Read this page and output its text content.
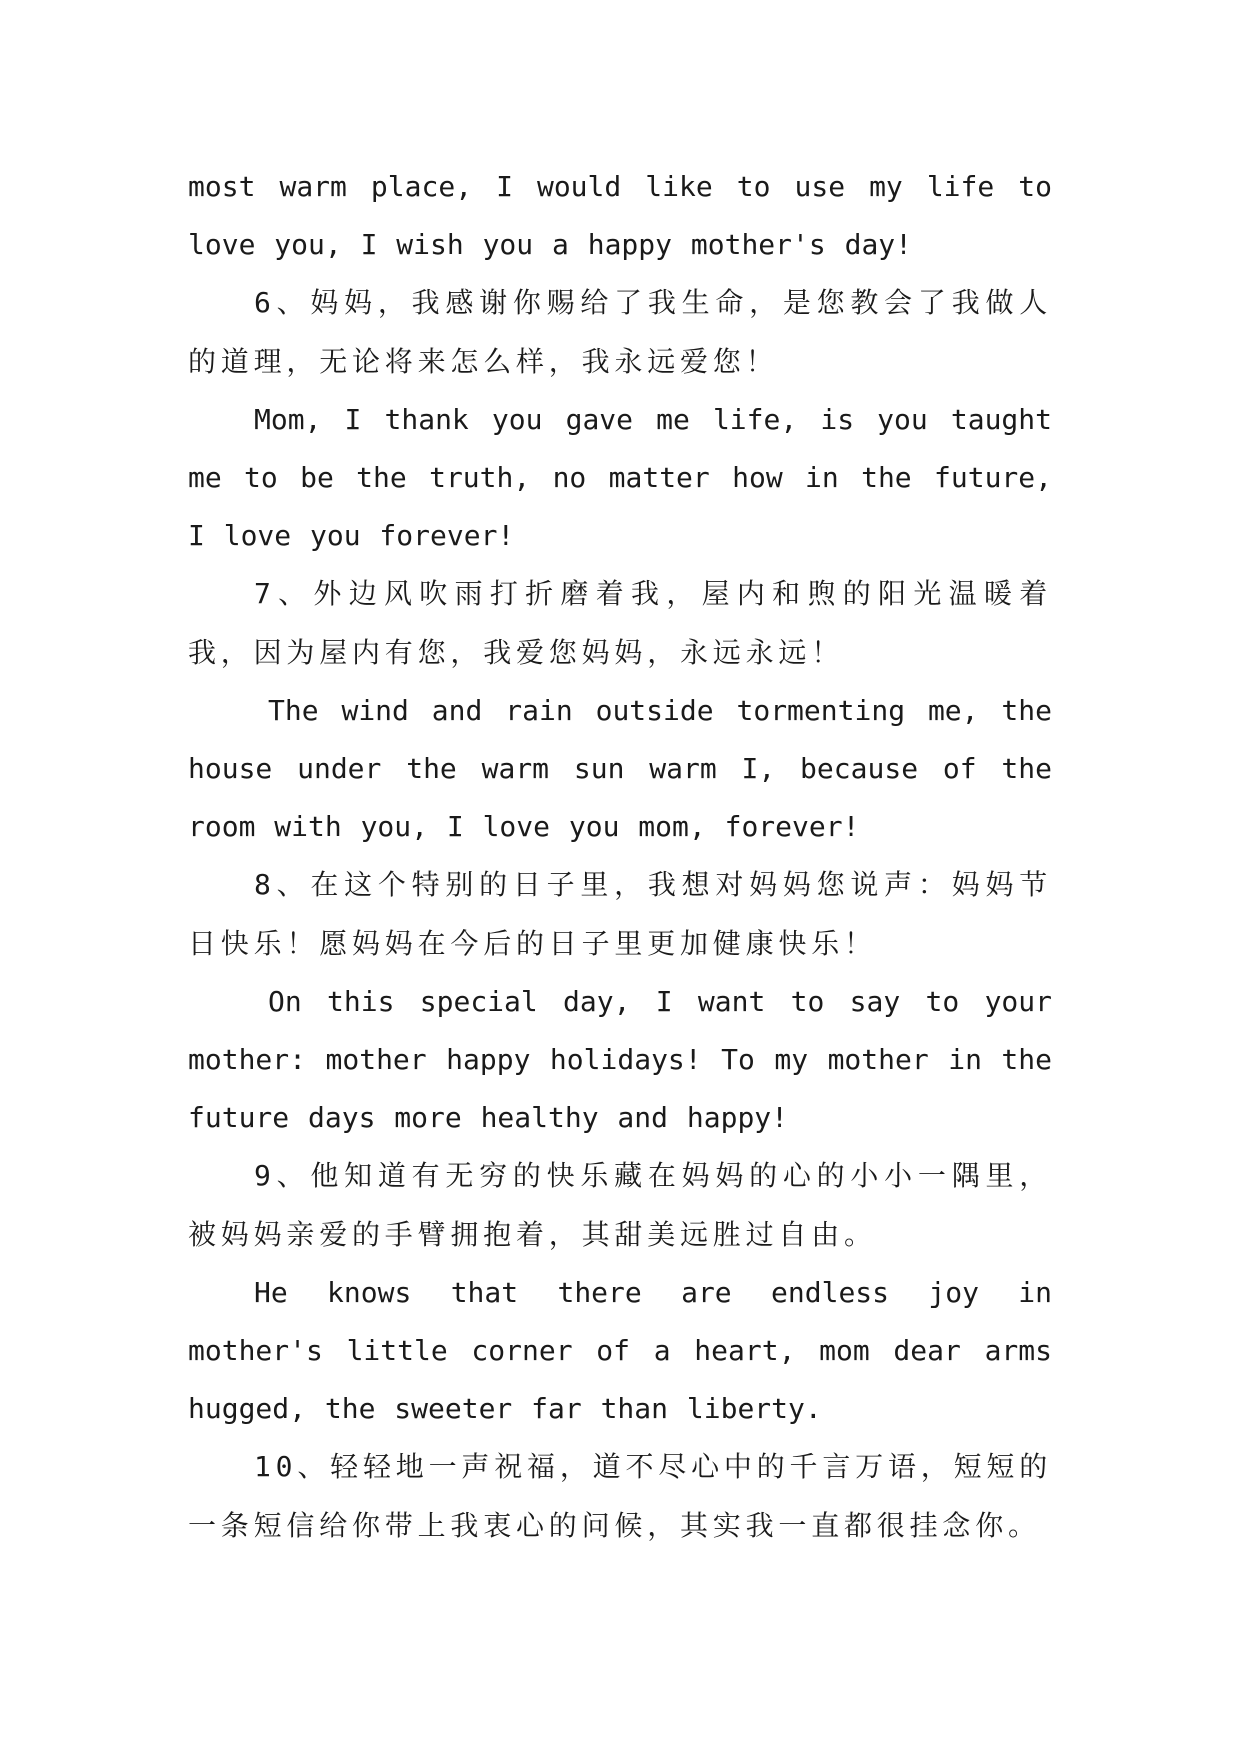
most warm place, I would like to use my life to love you, I wish you a happy mother's day!

6、妈妈，我感谢你赐给了我生命，是您教会了我做人的道理，无论将来怎么样，我永远爱您！

Mom, I thank you gave me life, is you taught me to be the truth, no matter how in the future, I love you forever!

7、外边风吹雨打折磨着我，屋内和煦的阳光温暖着我，因为屋内有您，我爱您妈妈，永远永远！

The wind and rain outside tormenting me, the house under the warm sun warm I, because of the room with you, I love you mom, forever!

8、在这个特别的日子里，我想对妈妈您说声：妈妈节日快乐！愿妈妈在今后的日子里更加健康快乐！

On this special day, I want to say to your mother: mother happy holidays! To my mother in the future days more healthy and happy!

9、他知道有无穷的快乐藏在妈妈的心的小小一隅里，被妈妈亲爱的手臂拥抱着，其甜美远胜过自由。

He knows that there are endless joy in mother's little corner of a heart, mom dear arms hugged, the sweeter far than liberty.

10、轻轻地一声祝福，道不尽心中的千言万语，短短的一条短信给你带上我衷心的问候，其实我一直都很挂念你。
